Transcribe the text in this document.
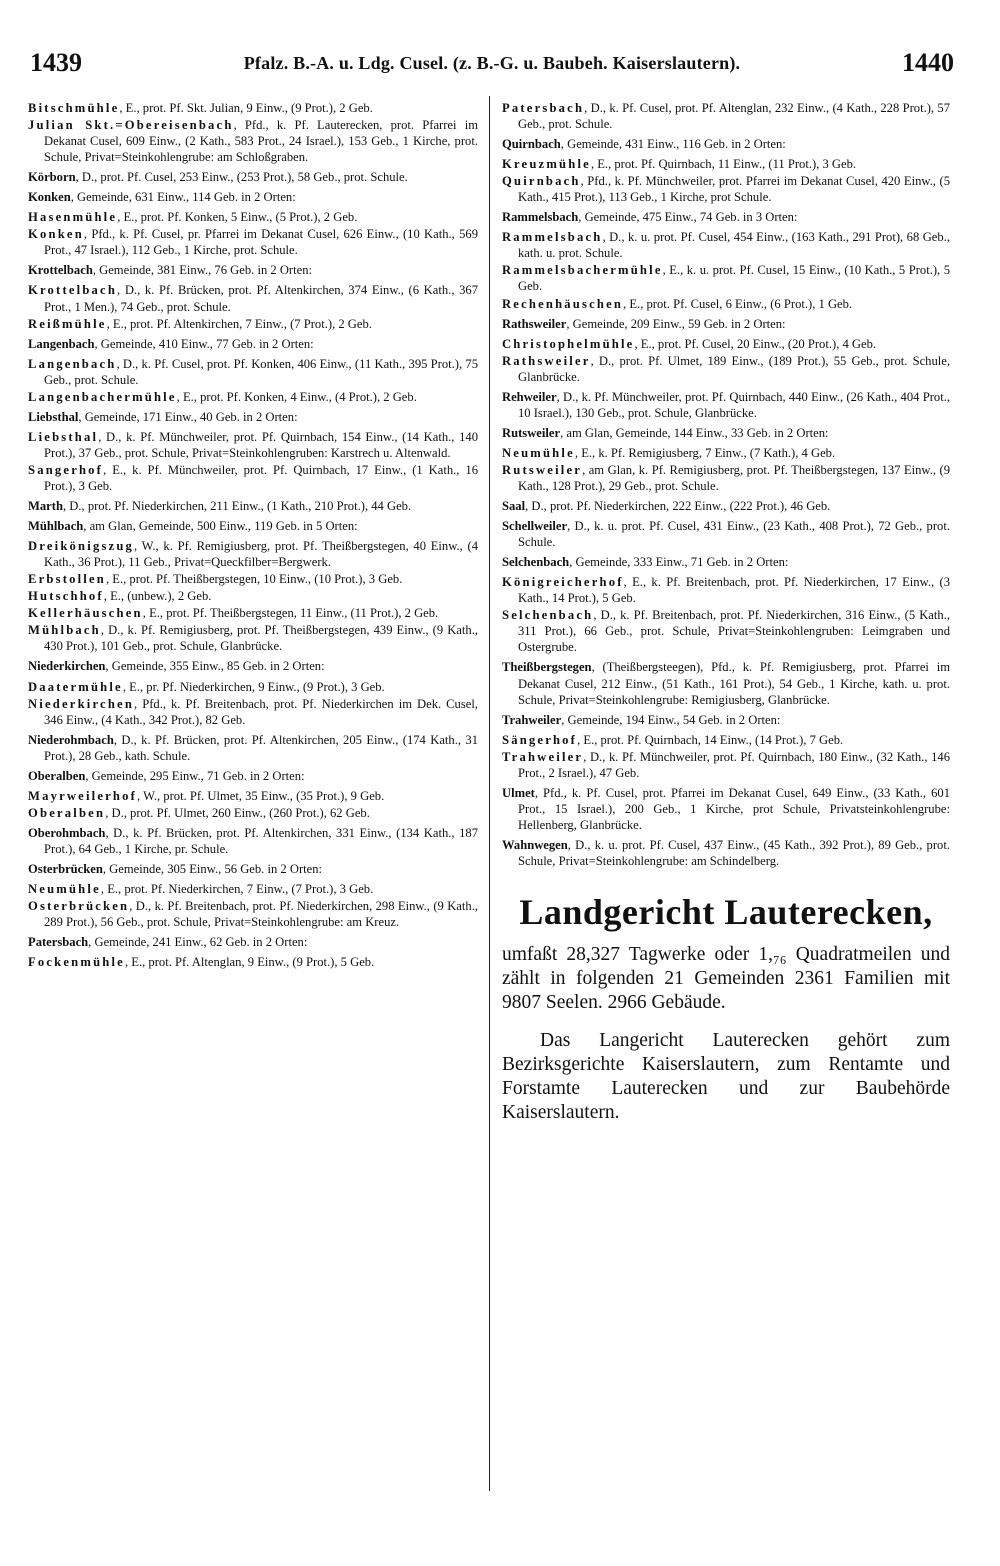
1439	Pfalz. B.-A. u. Ldg. Cusel. (z. B.-G. u. Baubeh. Kaiserslautern).	1440

Bitschmühle, E., prot. Pf. Skt. Julian, 9 Einw., (9 Prot.), 2 Geb.

Julian Skt.=Obereisenbach, Pfd., k. Pf. Lauterecken, prot. Pfarrei im Dekanat Cusel, 609 Einw., (2 Kath., 583 Prot., 24 Israel.), 153 Geb., 1 Kirche, prot. Schule, Privat=Steinkohlengrube: am Schloßgraben.

Körborn, D., prot. Pf. Cusel, 253 Einw., (253 Prot.), 58 Geb., prot. Schule.

Konken, Gemeinde, 631 Einw., 114 Geb. in 2 Orten:

Hasenmühle, E., prot. Pf. Konken, 5 Einw., (5 Prot.), 2 Geb.

Konken, Pfd., k. Pf. Cusel, pr. Pfarrei im Dekanat Cusel, 626 Einw., (10 Kath., 569 Prot., 47 Israel.), 112 Geb., 1 Kirche, prot. Schule.

Krottelbach, Gemeinde, 381 Einw., 76 Geb. in 2 Orten:

Krottelbach, D., k. Pf. Brücken, prot. Pf. Altenkirchen, 374 Einw., (6 Kath., 367 Prot., 1 Men.), 74 Geb., prot. Schule.

Reißmühle, E., prot. Pf. Altenkirchen, 7 Einw., (7 Prot.), 2 Geb.

Langenbach, Gemeinde, 410 Einw., 77 Geb. in 2 Orten:

Langenbach, D., k. Pf. Cusel, prot. Pf. Konken, 406 Einw., (11 Kath., 395 Prot.), 75 Geb., prot. Schule.

Langenbachermühle, E., prot. Pf. Konken, 4 Einw., (4 Prot.), 2 Geb.

Liebsthal, Gemeinde, 171 Einw., 40 Geb. in 2 Orten:

Liebsthal, D., k. Pf. Münchweiler, prot. Pf. Quirnbach, 154 Einw., (14 Kath., 140 Prot.), 37 Geb., prot. Schule, Privat=Steinkohlengruben: Karstrech u. Altenwald.

Sangerhof, E., k. Pf. Münchweiler, prot. Pf. Quirnbach, 17 Einw., (1 Kath., 16 Prot.), 3 Geb.

Marth, D., prot. Pf. Niederkirchen, 211 Einw., (1 Kath., 210 Prot.), 44 Geb.

Mühlbach, am Glan, Gemeinde, 500 Einw., 119 Geb. in 5 Orten:

Dreikönigszug, W., k. Pf. Remigiusberg, prot. Pf. Theißbergstegen, 40 Einw., (4 Kath., 36 Prot.), 11 Geb., Privat=Queckfilber=Bergwerk.

Erbstollen, E., prot. Pf. Theißbergstegen, 10 Einw., (10 Prot.), 3 Geb.

Hutschhof, E., (unbew.), 2 Geb.

Kellerhäuschen, E., prot. Pf. Theißbergstegen, 11 Einw., (11 Prot.), 2 Geb.

Mühlbach, D., k. Pf. Remigiusberg, prot. Pf. Theißbergstegen, 439 Einw., (9 Kath., 430 Prot.), 101 Geb., prot. Schule, Glanbrücke.

Niederkirchen, Gemeinde, 355 Einw., 85 Geb. in 2 Orten:

Daatermühle, E., pr. Pf. Niederkirchen, 9 Einw., (9 Prot.), 3 Geb.

Niederkirchen, Pfd., k. Pf. Breitenbach, prot. Pf. Niederkirchen im Dek. Cusel, 346 Einw., (4 Kath., 342 Prot.), 82 Geb.

Niederohmbach, D., k. Pf. Brücken, prot. Pf. Altenkirchen, 205 Einw., (174 Kath., 31 Prot.), 28 Geb., kath. Schule.

Oberalben, Gemeinde, 295 Einw., 71 Geb. in 2 Orten:

Mayrweilerhof, W., prot. Pf. Ulmet, 35 Einw., (35 Prot.), 9 Geb.

Oberalben, D., prot. Pf. Ulmet, 260 Einw., (260 Prot.), 62 Geb.

Oberohmbach, D., k. Pf. Brücken, prot. Pf. Altenkirchen, 331 Einw., (134 Kath., 187 Prot.), 64 Geb., 1 Kirche, pr. Schule.

Osterbrücken, Gemeinde, 305 Einw., 56 Geb. in 2 Orten:

Neumühle, E., prot. Pf. Niederkirchen, 7 Einw., (7 Prot.), 3 Geb.

Osterbrücken, D., k. Pf. Breitenbach, prot. Pf. Niederkirchen, 298 Einw., (9 Kath., 289 Prot.), 56 Geb., prot. Schule, Privat=Steinkohlengrube: am Kreuz.

Patersbach, Gemeinde, 241 Einw., 62 Geb. in 2 Orten:

Fockenmühle, E., prot. Pf. Altenglan, 9 Einw., (9 Prot.), 5 Geb.

Patersbach, D., k. Pf. Cusel, prot. Pf. Altenglan, 232 Einw., (4 Kath., 228 Prot.), 57 Geb., prot. Schule.

Quirnbach, Gemeinde, 431 Einw., 116 Geb. in 2 Orten:

Kreuzmühle, E., prot. Pf. Quirnbach, 11 Einw., (11 Prot.), 3 Geb.

Quirnbach, Pfd., k. Pf. Münchweiler, prot. Pfarrei im Dekanat Cusel, 420 Einw., (5 Kath., 415 Prot.), 113 Geb., 1 Kirche, prot Schule.

Rammelsbach, Gemeinde, 475 Einw., 74 Geb. in 3 Orten:

Rammelsbach, D., k. u. prot. Pf. Cusel, 454 Einw., (163 Kath., 291 Prot), 68 Geb., kath. u. prot. Schule.

Rammelsbachermühle, E., k. u. prot. Pf. Cusel, 15 Einw., (10 Kath., 5 Prot.), 5 Geb.

Rechenhäuschen, E., prot. Pf. Cusel, 6 Einw., (6 Prot.), 1 Geb.

Rathsweiler, Gemeinde, 209 Einw., 59 Geb. in 2 Orten:

Christophelmühle, E., prot. Pf. Cusel, 20 Einw., (20 Prot.), 4 Geb.

Rathsweiler, D., prot. Pf. Ulmet, 189 Einw., (189 Prot.), 55 Geb., prot. Schule, Glanbrücke.

Rehweiler, D., k. Pf. Münchweiler, prot. Pf. Quirnbach, 440 Einw., (26 Kath., 404 Prot., 10 Israel.), 130 Geb., prot. Schule, Glanbrücke.

Rutsweiler, am Glan, Gemeinde, 144 Einw., 33 Geb. in 2 Orten:

Neumühle, E., k. Pf. Remigiusberg, 7 Einw., (7 Kath.), 4 Geb.

Rutsweiler, am Glan, k. Pf. Remigiusberg, prot. Pf. Theißbergstegen, 137 Einw., (9 Kath., 128 Prot.), 29 Geb., prot. Schule.

Saal, D., prot. Pf. Niederkirchen, 222 Einw., (222 Prot.), 46 Geb.

Schellweiler, D., k. u. prot. Pf. Cusel, 431 Einw., (23 Kath., 408 Prot.), 72 Geb., prot. Schule.

Selchenbach, Gemeinde, 333 Einw., 71 Geb. in 2 Orten:

Königreicherhof, E., k. Pf. Breitenbach, prot. Pf. Niederkirchen, 17 Einw., (3 Kath., 14 Prot.), 5 Geb.

Selchenbach, D., k. Pf. Breitenbach, prot. Pf. Niederkirchen, 316 Einw., (5 Kath., 311 Prot.), 66 Geb., prot. Schule, Privat=Steinkohlengruben: Leimgraben und Ostergrube.

Theißbergstegen, (Theißbergsteegen), Pfd., k. Pf. Remigiusberg, prot. Pfarrei im Dekanat Cusel, 212 Einw., (51 Kath., 161 Prot.), 54 Geb., 1 Kirche, kath. u. prot. Schule, Privat=Steinkohlengrube: Remigiusberg, Glanbrücke.

Trahweiler, Gemeinde, 194 Einw., 54 Geb. in 2 Orten:

Sängerhof, E., prot. Pf. Quirnbach, 14 Einw., (14 Prot.), 7 Geb.

Trahweiler, D., k. Pf. Münchweiler, prot. Pf. Quirnbach, 180 Einw., (32 Kath., 146 Prot., 2 Israel.), 47 Geb.

Ulmet, Pfd., k. Pf. Cusel, prot. Pfarrei im Dekanat Cusel, 649 Einw., (33 Kath., 601 Prot., 15 Israel.), 200 Geb., 1 Kirche, prot Schule, Privatsteinkohlengrube: Hellenberg, Glanbrücke.

Wahnwegen, D., k. u. prot. Pf. Cusel, 437 Einw., (45 Kath., 392 Prot.), 89 Geb., prot. Schule, Privat=Steinkohlengrube: am Schindelberg.

Landgericht Lauterecken,

umfaßt 28,327 Tagwerke oder 1,₇₆ Quadratmeilen und zählt in folgenden 21 Gemeinden 2361 Familien mit 9807 Seelen. 2966 Gebäude.

Das Langericht Lauterecken gehört zum Bezirksgerichte Kaiserslautern, zum Rentamte und Forstamte Lauterecken und zur Baubehörde Kaiserslautern.
